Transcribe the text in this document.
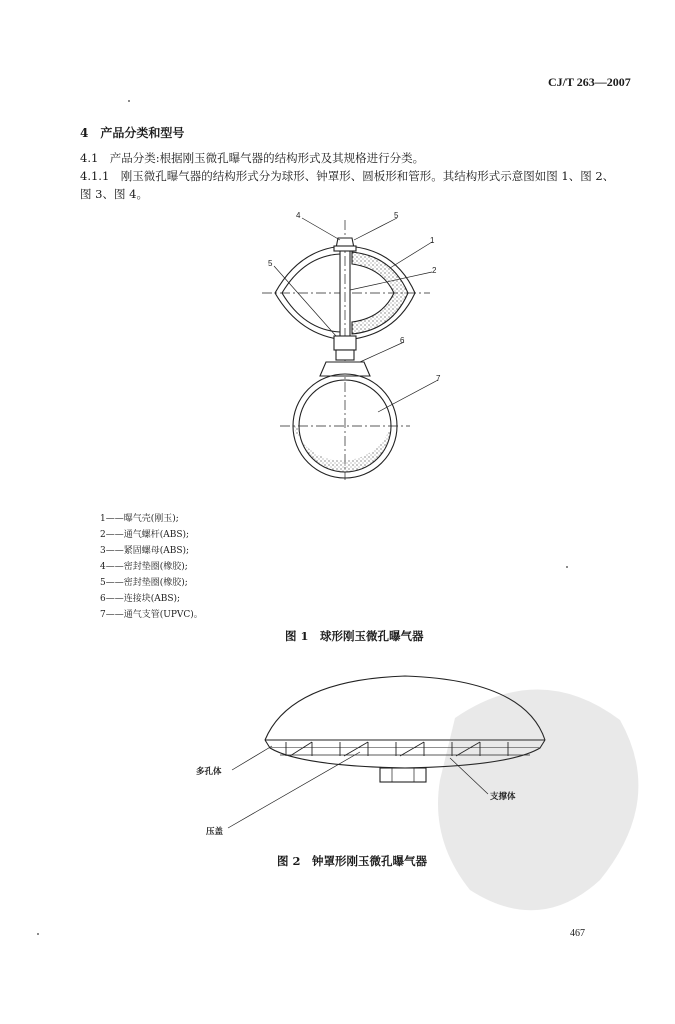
CJ/T 263—2007
4　产品分类和型号
4.1　产品分类:根据刚玉微孔曝气器的结构形式及其规格进行分类。
4.1.1　刚玉微孔曝气器的结构形式分为球形、钟罩形、圆板形和管形。其结构形式示意图如图 1、图 2、
图 3、图 4。
4	5
1
5
2
6
7
1——曝气壳(刚玉);
2——通气螺杆(ABS);
3——紧固螺母(ABS);
4——密封垫圈(橡胶);
5——密封垫圈(橡胶);
6——连接块(ABS);
7——通气支管(UPVC)。
图 1　球形刚玉微孔曝气器
多孔体
支撑体
压盖
图 2　钟罩形刚玉微孔曝气器
467
